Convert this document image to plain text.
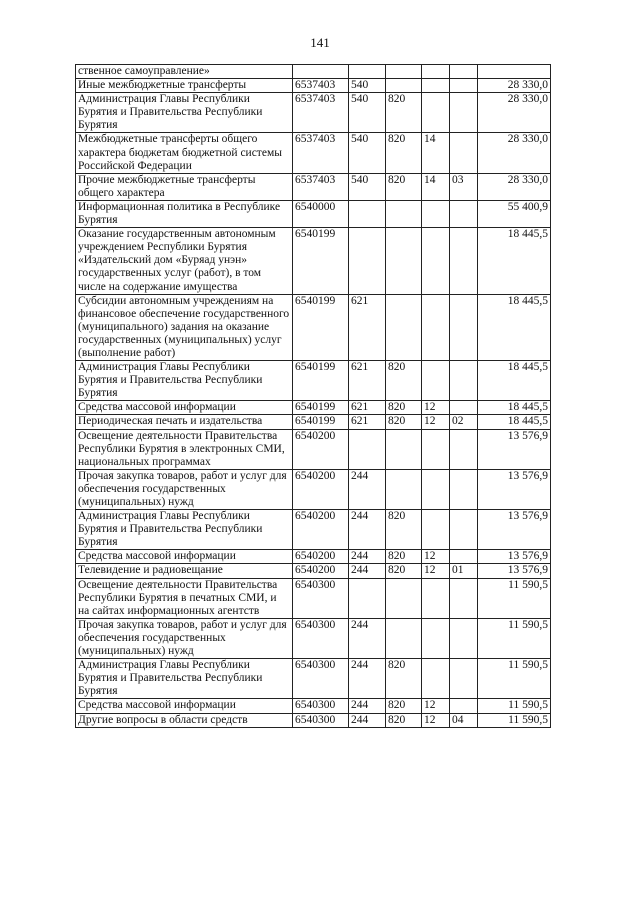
141
ственное самоуправление»						
Иные межбюджетные трансферты	6537403	540				28 330,0
Администрация Главы Республики Бурятия и Правительства Республики Бурятия	6537403	540	820			28 330,0
Межбюджетные трансферты общего характера бюджетам бюджетной системы Российской Федерации	6537403	540	820	14		28 330,0
Прочие межбюджетные трансферты общего характера	6537403	540	820	14	03	28 330,0
Информационная политика в Республике Бурятия	6540000					55 400,9
Оказание государственным автономным учреждением Республики Бурятия «Издательский дом «Буряад унэн» государственных услуг (работ), в том числе на содержание имущества	6540199					18 445,5
Субсидии автономным учреждениям на финансовое обеспечение государственного (муниципального) задания на оказание государственных (муниципальных) услуг (выполнение работ)	6540199	621				18 445,5
Администрация Главы Республики Бурятия и Правительства Республики Бурятия	6540199	621	820			18 445,5
Средства массовой информации	6540199	621	820	12		18 445,5
Периодическая печать и издательства	6540199	621	820	12	02	18 445,5
Освещение деятельности Правительства Республики Бурятия в электронных СМИ, национальных программах	6540200					13 576,9
Прочая закупка товаров, работ и услуг для обеспечения государственных (муниципальных) нужд	6540200	244				13 576,9
Администрация Главы Республики Бурятия и Правительства Республики Бурятия	6540200	244	820			13 576,9
Средства массовой информации	6540200	244	820	12		13 576,9
Телевидение и радиовещание	6540200	244	820	12	01	13 576,9
Освещение деятельности Правительства Республики Бурятия в печатных СМИ, и на сайтах информационных агентств	6540300					11 590,5
Прочая закупка товаров, работ и услуг для обеспечения государственных (муниципальных) нужд	6540300	244				11 590,5
Администрация Главы Республики Бурятия и Правительства Республики Бурятия	6540300	244	820			11 590,5
Средства массовой информации	6540300	244	820	12		11 590,5
Другие вопросы в области средств	6540300	244	820	12	04	11 590,5
